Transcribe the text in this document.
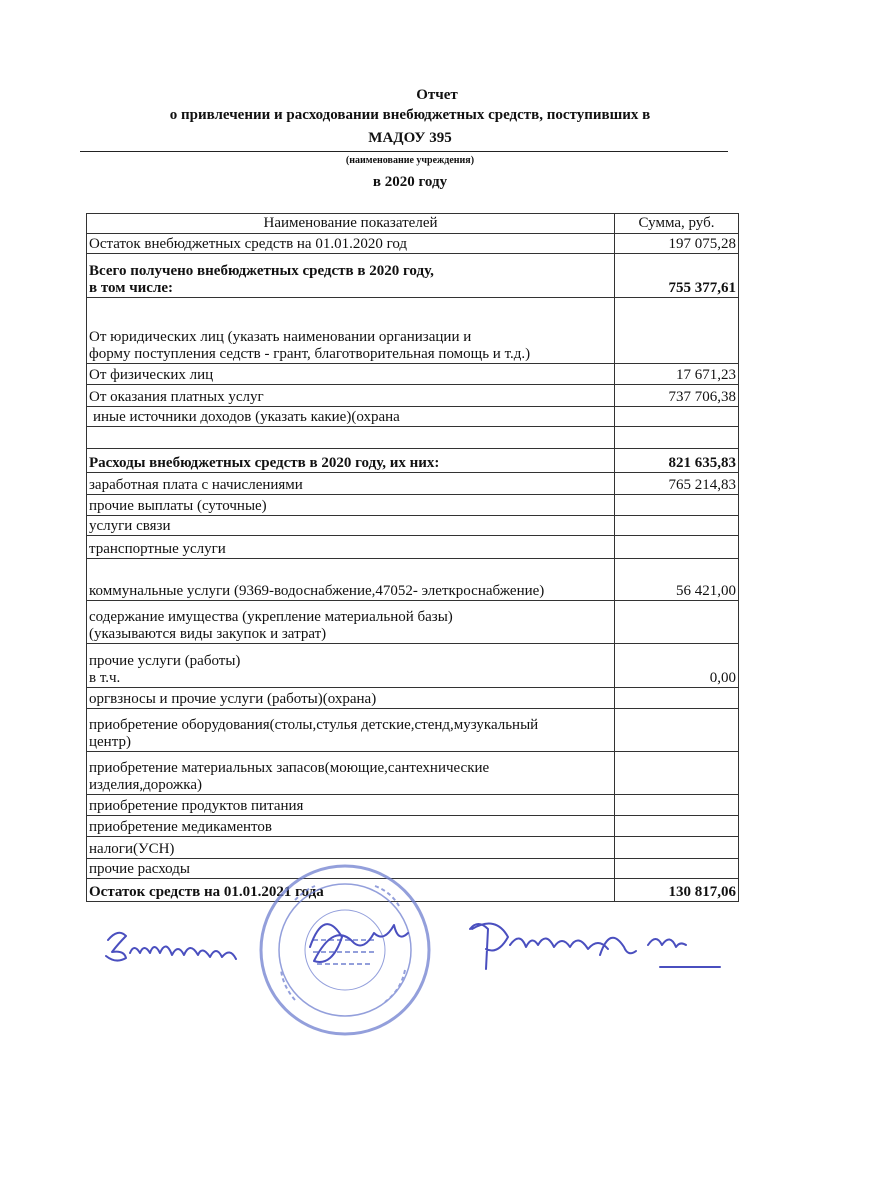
Отчет
о привлечении и расходовании внебюджетных средств, поступивших в
МАДОУ 395
(наименование учреждения)
в 2020 году
Наименование показателей	Сумма, руб.
Остаток внебюджетных средств на 01.01.2020 год	197 075,28
Всего получено внебюджетных средств в 2020 году,
в том числе:	755 377,61
От юридических лиц (указать наименовании организации и
форму поступления седств - грант, благотворительная помощь и т.д.)	
От физических лиц	17 671,23
От оказания платных услуг	737 706,38
иные источники доходов (указать какие)(охрана	

Расходы внебюджетных средств в 2020 году, их них:	821 635,83
заработная плата с начислениями	765 214,83
прочие выплаты (суточные)	
услуги связи	
транспортные услуги	
коммунальные услуги (9369-водоснабжение,47052- элеткроснабжение)	56 421,00
содержание имущества (укрепление материальной базы)
(указываются виды закупок и затрат)	
прочие услуги (работы)
в т.ч.	0,00
оргвзносы и прочие услуги (работы)(охрана)	
приобретение оборудования(столы,стулья детские,стенд,музукальный
центр)	
приобретение материальных запасов(моющие,сантехнические
изделия,дорожка)	
приобретение продуктов питания	
приобретение медикаментов	
налоги(УСН)	
прочие расходы	
Остаток средств на 01.01.2021 года	130 817,06
